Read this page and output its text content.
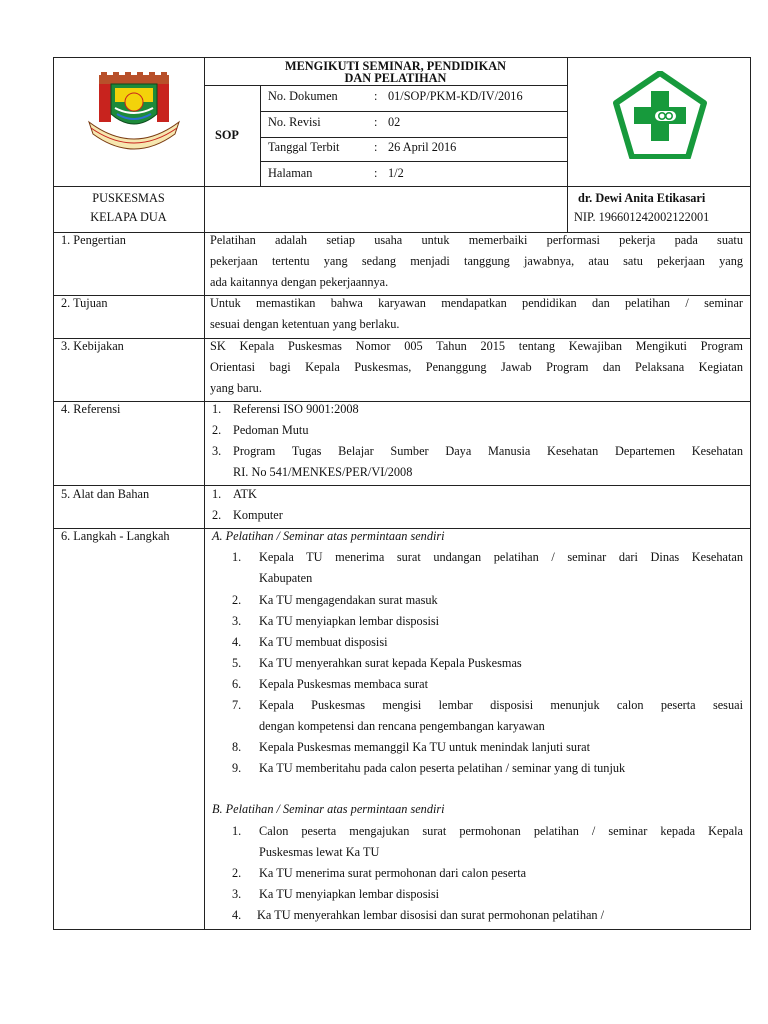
MENGIKUTI SEMINAR, PENDIDIKAN
DAN PELATIHAN
SOP
No. Dokumen	: 01/SOP/PKM-KD/IV/2016
No. Revisi	: 02
Tanggal Terbit	: 26 April 2016
Halaman	: 1/2
PUSKESMAS
KELAPA DUA
dr. Dewi Anita Etikasari
NIP. 196601242002122001
1. Pengertian	Pelatihan adalah setiap usaha untuk memerbaiki performasi pekerja pada suatu
pekerjaan tertentu yang sedang menjadi tanggung jawabnya, atau satu pekerjaan yang
ada kaitannya dengan pekerjaannya.
2. Tujuan	Untuk memastikan bahwa karyawan mendapatkan pendidikan dan pelatihan / seminar
sesuai dengan ketentuan yang berlaku.
3. Kebijakan	SK Kepala Puskesmas Nomor 005 Tahun 2015 tentang Kewajiban Mengikuti Program
Orientasi bagi Kepala Puskesmas, Penanggung Jawab Program dan Pelaksana Kegiatan
yang baru.
4. Referensi	1. Referensi ISO 9001:2008
2. Pedoman Mutu
3. Program Tugas Belajar Sumber Daya Manusia Kesehatan Departemen Kesehatan
RI. No 541/MENKES/PER/VI/2008
5. Alat dan Bahan	1. ATK
2. Komputer
6. Langkah - Langkah	A. Pelatihan / Seminar atas permintaan sendiri
1. Kepala TU menerima surat undangan pelatihan / seminar dari Dinas Kesehatan
Kabupaten
2. Ka TU mengagendakan surat masuk
3. Ka TU menyiapkan lembar disposisi
4. Ka TU membuat disposisi
5. Ka TU menyerahkan surat kepada Kepala Puskesmas
6. Kepala Puskesmas membaca surat
7. Kepala Puskesmas mengisi lembar disposisi menunjuk calon peserta sesuai
dengan kompetensi dan rencana pengembangan karyawan
8. Kepala Puskesmas memanggil Ka TU untuk menindak lanjuti surat
9. Ka TU memberitahu pada calon peserta pelatihan / seminar yang di tunjuk
B. Pelatihan / Seminar atas permintaan sendiri
1. Calon peserta mengajukan surat permohonan pelatihan / seminar kepada Kepala
Puskesmas lewat Ka TU
2. Ka TU menerima surat permohonan dari calon peserta
3. Ka TU menyiapkan lembar disposisi
4. Ka TU menyerahkan lembar disosisi dan surat permohonan pelatihan /
